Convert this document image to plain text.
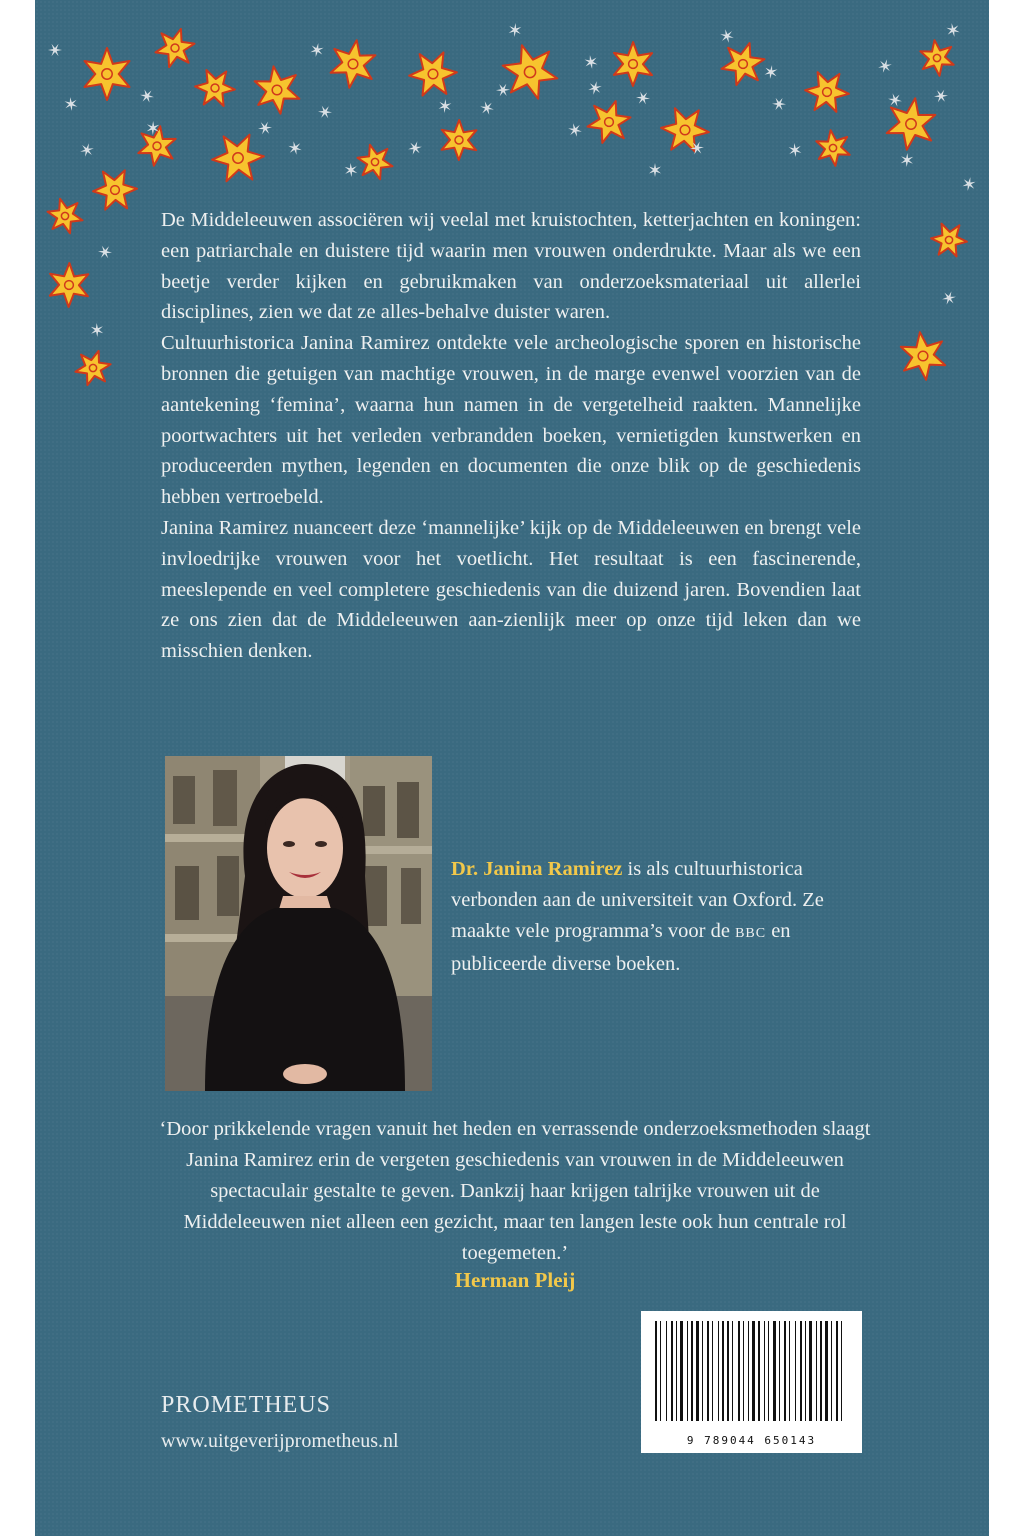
De Middeleeuwen associëren wij veelal met kruistochten, ketterjachten en koningen: een patriarchale en duistere tijd waarin men vrouwen onderdrukte. Maar als we een beetje verder kijken en gebruikmaken van onderzoeksmateriaal uit allerlei disciplines, zien we dat ze alles-behalve duister waren.

Cultuurhistorica Janina Ramirez ontdekte vele archeologische sporen en historische bronnen die getuigen van machtige vrouwen, in de marge evenwel voorzien van de aantekening ‘femina’, waarna hun namen in de vergetelheid raakten. Mannelijke poortwachters uit het verleden verbrandden boeken, vernietigden kunstwerken en produceerden mythen, legenden en documenten die onze blik op de geschiedenis hebben vertroebeld.

Janina Ramirez nuanceert deze ‘mannelijke’ kijk op de Middeleeuwen en brengt vele invloedrijke vrouwen voor het voetlicht. Het resultaat is een fascinerende, meeslepende en veel completere geschiedenis van die duizend jaren. Bovendien laat ze ons zien dat de Middeleeuwen aan-zienlijk meer op onze tijd leken dan we misschien denken.

Dr. Janina Ramirez is als cultuurhistorica verbonden aan de universiteit van Oxford. Ze maakte vele programma’s voor de BBC en publiceerde diverse boeken.
‘Door prikkelende vragen vanuit het heden en verrassende onderzoeksmethoden slaagt Janina Ramirez erin de vergeten geschiedenis van vrouwen in de Middeleeuwen spectaculair gestalte te geven. Dankzij haar krijgen talrijke vrouwen uit de Middeleeuwen niet alleen een gezicht, maar ten langen leste ook hun centrale rol toegemeten.’
Herman Pleij
PROMETHEUS
www.uitgeverijprometheus.nl	9 789044 650143
